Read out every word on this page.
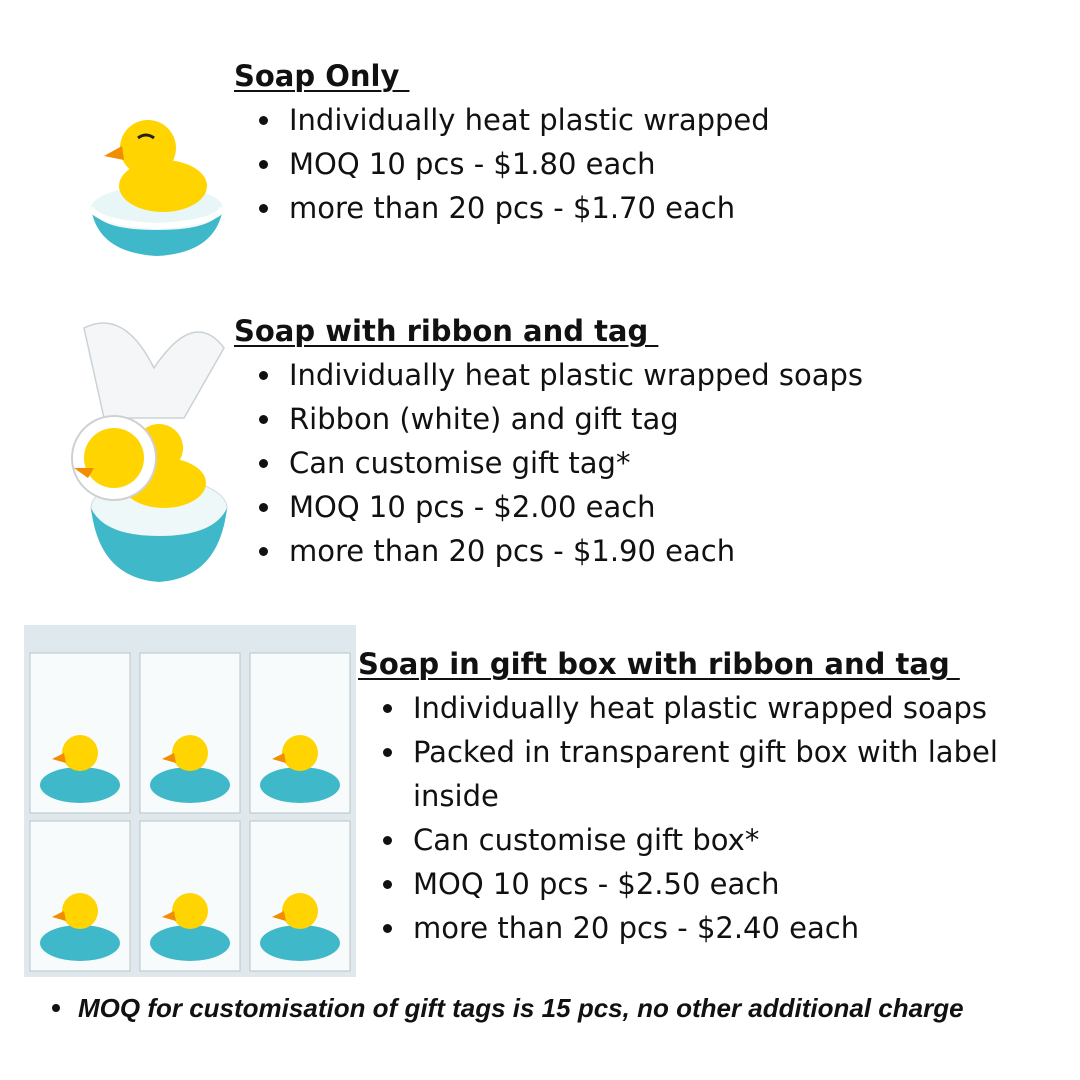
Soap Only
Individually heat plastic wrapped
MOQ 10 pcs - $1.80 each
more than 20 pcs - $1.70 each
Soap with ribbon and tag
Individually heat plastic wrapped soaps
Ribbon (white) and gift tag
Can customise gift tag*
MOQ 10 pcs - $2.00 each
more than 20 pcs - $1.90 each
Soap in gift box with ribbon and tag
Individually heat plastic wrapped soaps
Packed in transparent gift box with label inside
Can customise gift box*
MOQ 10 pcs - $2.50 each
more than 20 pcs - $2.40 each
MOQ for customisation of gift tags is 15 pcs, no other additional charge
